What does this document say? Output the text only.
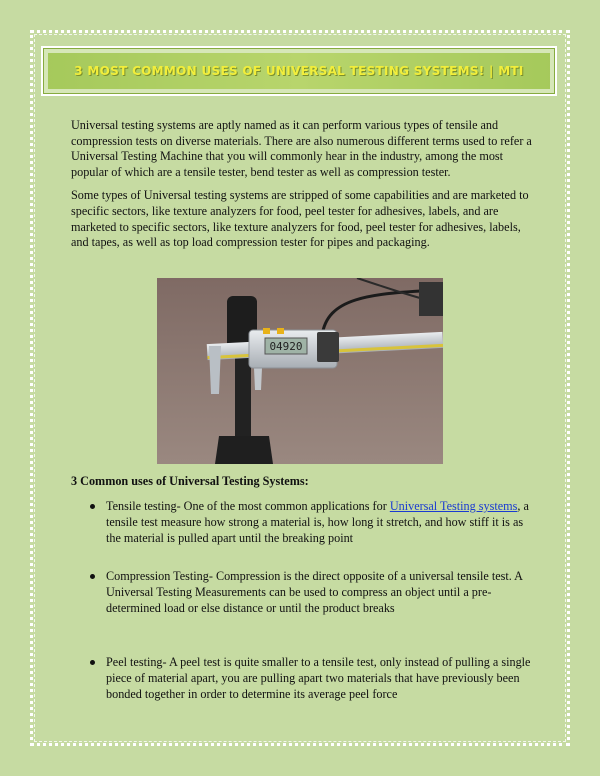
3 MOST COMMON USES OF UNIVERSAL TESTING SYSTEMS! | MTI

Universal testing systems are aptly named as it can perform various types of tensile and compression tests on diverse materials. There are also numerous different terms used to refer a Universal Testing Machine that you will commonly hear in the industry, among the most popular of which are a tensile tester, bend tester as well as compression tester.

Some types of Universal testing systems are stripped of some capabilities and are marketed to specific sectors, like texture analyzers for food, peel tester for adhesives, labels, and are marketed to specific sectors, like texture analyzers for food, peel tester for adhesives, labels, and tapes, as well as top load compression tester for pipes and packaging.

04920
3 Common uses of Universal Testing Systems:
Tensile testing- One of the most common applications for Universal Testing systems, a tensile test measure how strong a material is, how long it stretch, and how stiff it is as the material is pulled apart until the breaking point
Compression Testing- Compression is the direct opposite of a universal tensile test. A Universal Testing Measurements can be used to compress an object until a pre-determined load or else distance or until the product breaks
Peel testing- A peel test is quite smaller to a tensile test, only instead of pulling a single piece of material apart, you are pulling apart two materials that have previously been bonded together in order to determine its average peel force
